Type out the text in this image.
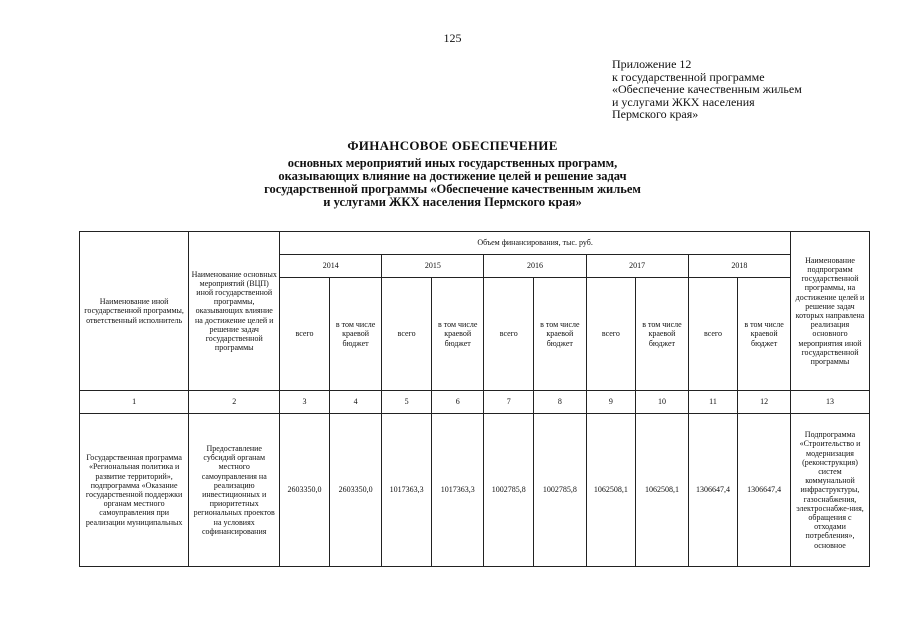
125
Приложение 12
к государственной программе
«Обеспечение качественным жильем
и услугами ЖКХ населения
Пермского края»
ФИНАНСОВОЕ ОБЕСПЕЧЕНИЕ
основных мероприятий иных государственных программ,
оказывающих влияние на достижение целей и решение задач
государственной программы «Обеспечение качественным жильем
и услугами ЖКХ населения Пермского края»
Наименование иной государственной программы, ответственный исполнитель	Наименование основных мероприятий (ВЦП) иной государственной программы, оказывающих влияние на достижение целей и решение задач государственной программы	Объем финансирования, тыс. руб.										Наименование подпрограмм государственной программы, на достижение целей и решение задач которых направлена реализация основного мероприятия иной государственной программы
		2014		2015		2016		2017		2018		
		всего	в том числе краевой бюджет	всего	в том числе краевой бюджет	всего	в том числе краевой бюджет	всего	в том числе краевой бюджет	всего	в том числе краевой бюджет	
1	2	3	4	5	6	7	8	9	10	11	12	13
Государственная программа «Региональная политика и развитие территорий», подпрограмма «Оказание государственной поддержки органам местного самоуправления при реализации муниципальных	Предоставление субсидий органам местного самоуправления на реализацию инвестиционных и приоритетных региональных проектов на условиях софинансирования	2603350,0	2603350,0	1017363,3	1017363,3	1002785,8	1002785,8	1062508,1	1062508,1	1306647,4	1306647,4	Подпрограмма «Строительство и модернизация (реконструкция) систем коммунальной инфраструктуры, газоснабжения, электроснабже-ния, обращения с отходами потребления», основное
